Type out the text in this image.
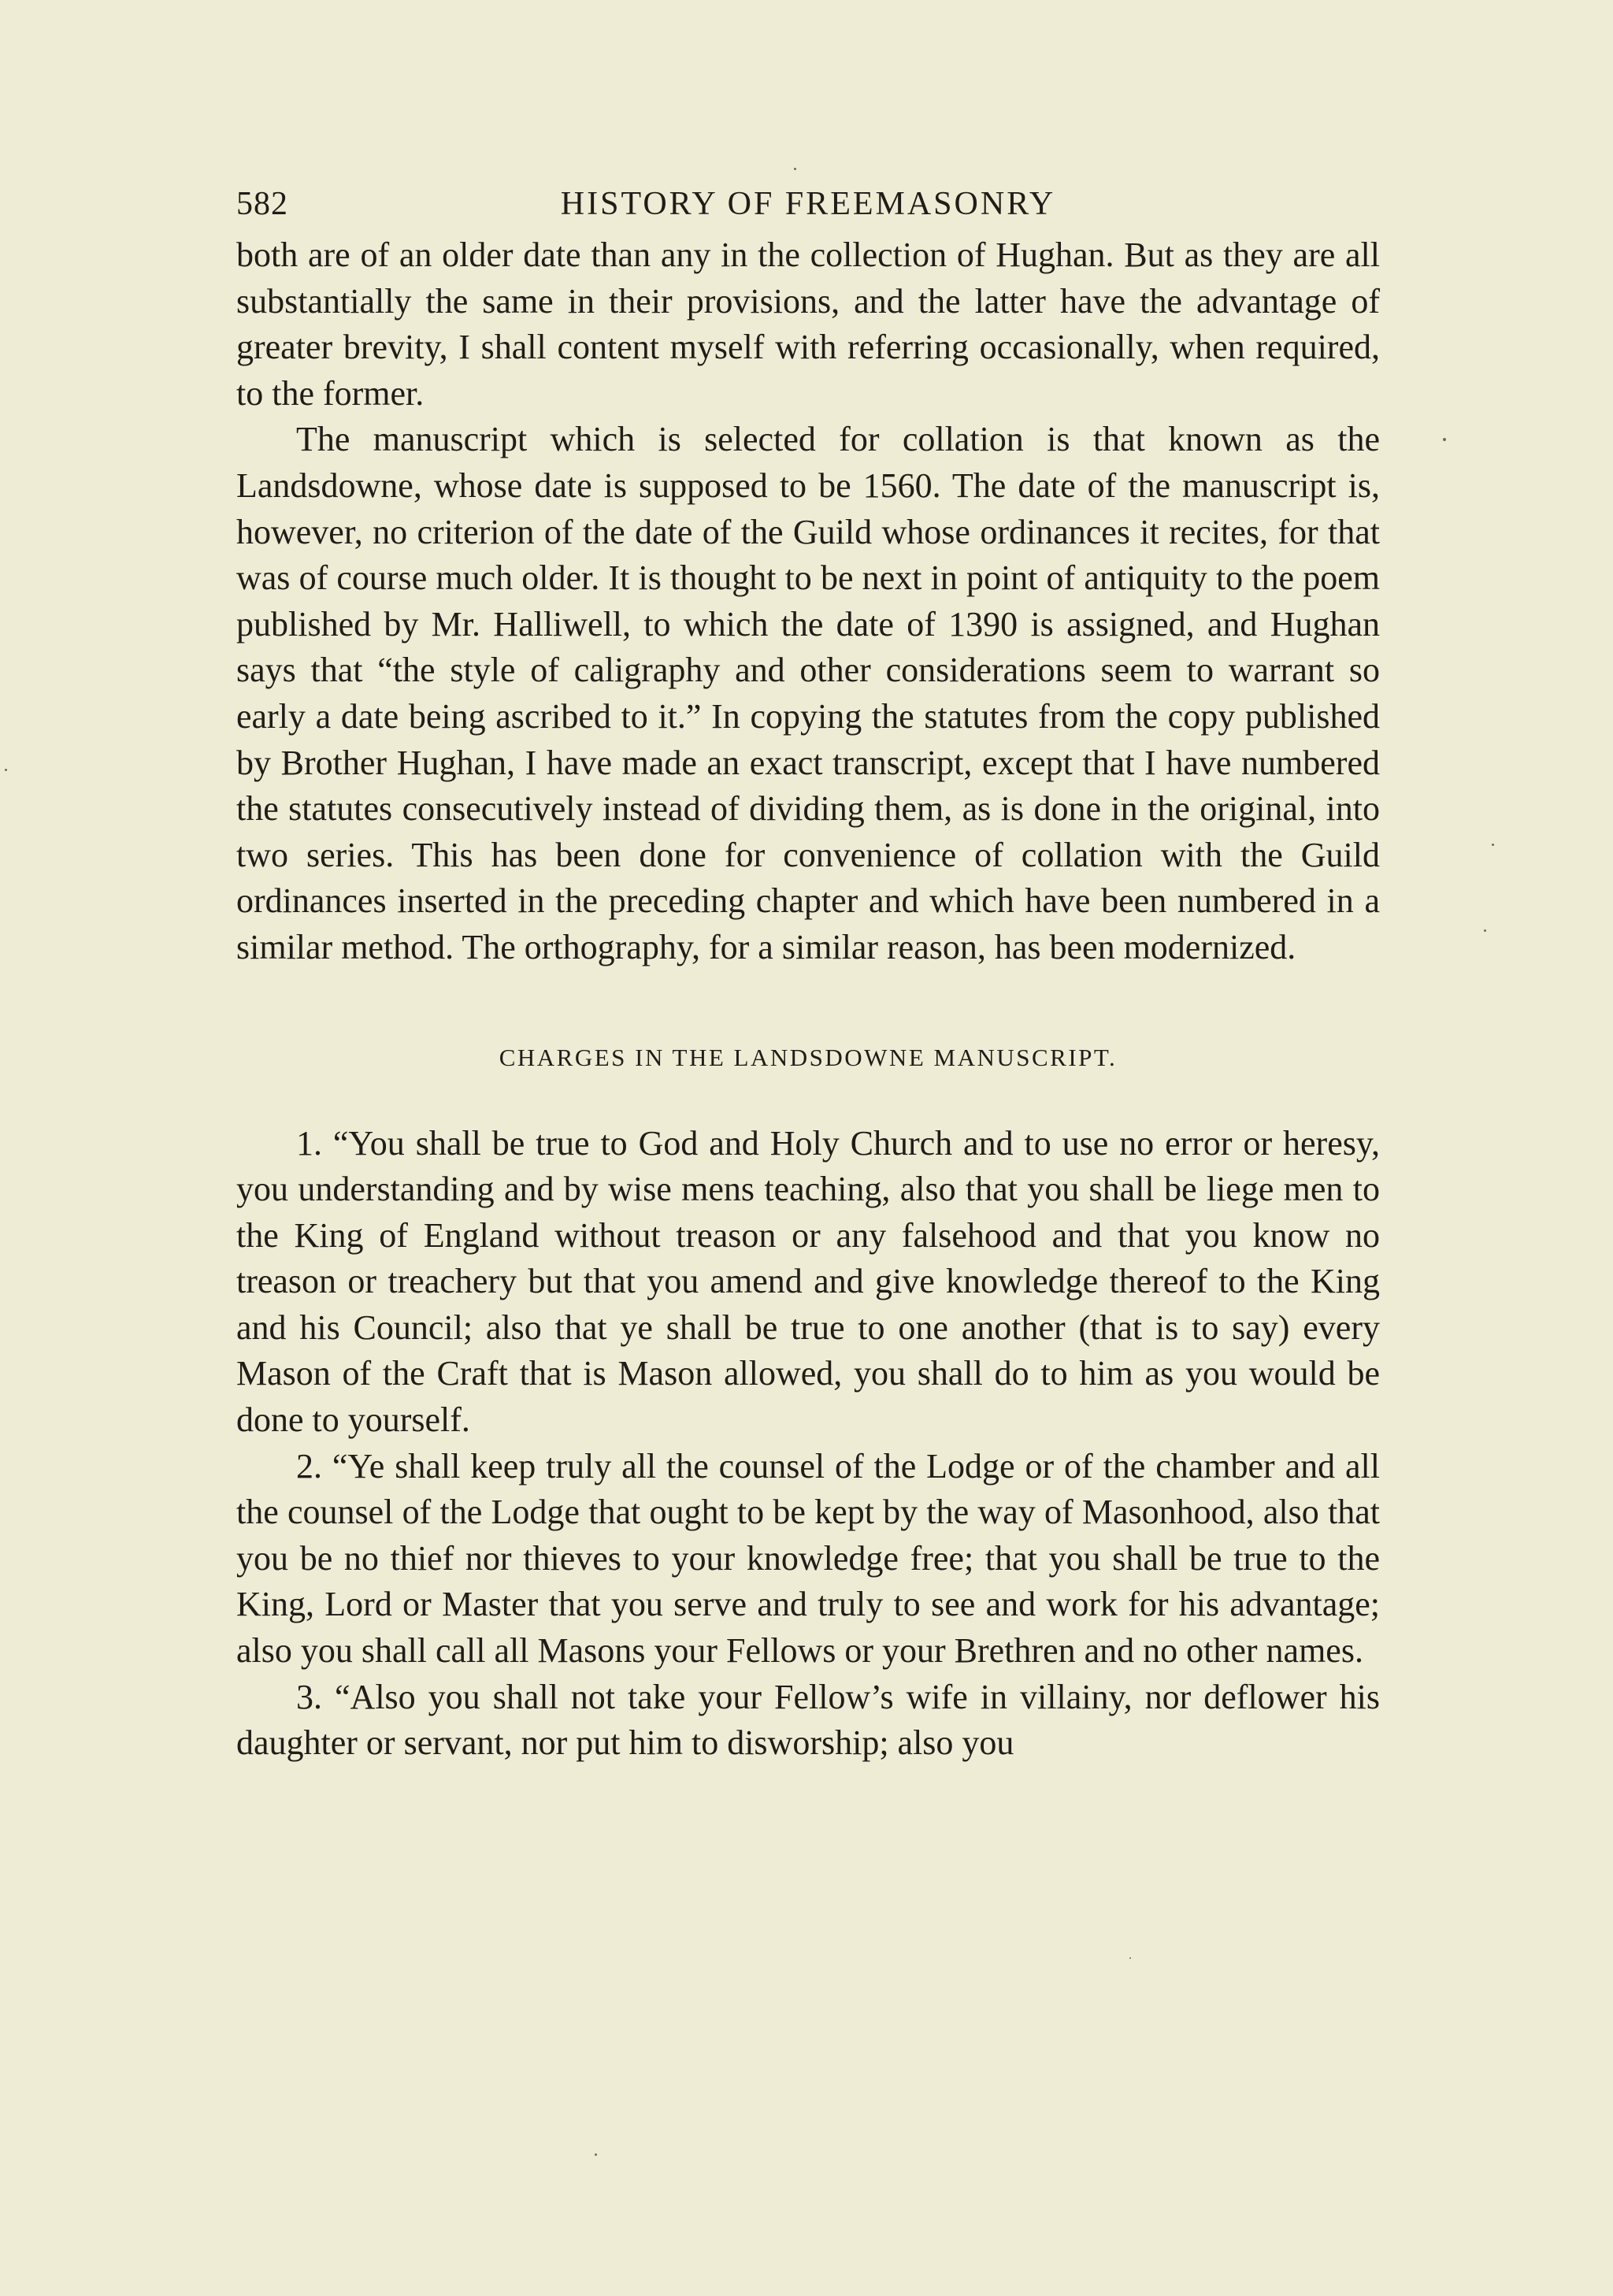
582	HISTORY OF FREEMASONRY

both are of an older date than any in the collection of Hughan. But as they are all substantially the same in their provisions, and the latter have the advantage of greater brevity, I shall content myself with referring occasionally, when required, to the former.

The manuscript which is selected for collation is that known as the Landsdowne, whose date is supposed to be 1560. The date of the manuscript is, however, no criterion of the date of the Guild whose ordinances it recites, for that was of course much older. It is thought to be next in point of antiquity to the poem published by Mr. Halliwell, to which the date of 1390 is assigned, and Hughan says that “the style of caligraphy and other considerations seem to warrant so early a date being ascribed to it.” In copying the statutes from the copy published by Brother Hughan, I have made an exact transcript, except that I have numbered the statutes consecutively instead of dividing them, as is done in the original, into two series. This has been done for convenience of collation with the Guild ordinances inserted in the preceding chapter and which have been numbered in a similar method. The orthography, for a similar reason, has been modernized.

CHARGES IN THE LANDSDOWNE MANUSCRIPT.

1. “You shall be true to God and Holy Church and to use no error or heresy, you understanding and by wise mens teaching, also that you shall be liege men to the King of England without treason or any falsehood and that you know no treason or treachery but that you amend and give knowledge thereof to the King and his Council; also that ye shall be true to one another (that is to say) every Mason of the Craft that is Mason allowed, you shall do to him as you would be done to yourself.

2. “Ye shall keep truly all the counsel of the Lodge or of the chamber and all the counsel of the Lodge that ought to be kept by the way of Masonhood, also that you be no thief nor thieves to your knowledge free; that you shall be true to the King, Lord or Master that you serve and truly to see and work for his advantage; also you shall call all Masons your Fellows or your Brethren and no other names.

3. “Also you shall not take your Fellow’s wife in villainy, nor deflower his daughter or servant, nor put him to disworship; also you
